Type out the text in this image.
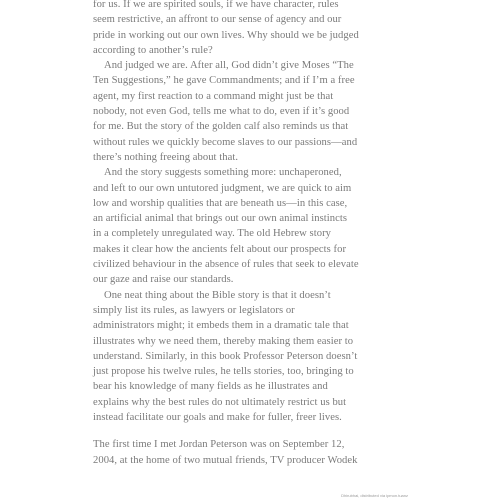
for us. If we are spirited souls, if we have character, rules
seem restrictive, an affront to our sense of agency and our
pride in working out our own lives. Why should we be judged
according to another’s rule?
And judged we are. After all, God didn’t give Moses “The
Ten Suggestions,” he gave Commandments; and if I’m a free
agent, my first reaction to a command might just be that
nobody, not even God, tells me what to do, even if it’s good
for me. But the story of the golden calf also reminds us that
without rules we quickly become slaves to our passions—and
there’s nothing freeing about that.
And the story suggests something more: unchaperoned,
and left to our own untutored judgment, we are quick to aim
low and worship qualities that are beneath us—in this case,
an artificial animal that brings out our own animal instincts
in a completely unregulated way. The old Hebrew story
makes it clear how the ancients felt about our prospects for
civilized behaviour in the absence of rules that seek to elevate
our gaze and raise our standards.
One neat thing about the Bible story is that it doesn’t
simply list its rules, as lawyers or legislators or
administrators might; it embeds them in a dramatic tale that
illustrates why we need them, thereby making them easier to
understand. Similarly, in this book Professor Peterson doesn’t
just propose his twelve rules, he tells stories, too, bringing to
bear his knowledge of many fields as he illustrates and
explains why the best rules do not ultimately restrict us but
instead facilitate our goals and make for fuller, freer lives.
The first time I met Jordan Peterson was on September 12,
2004, at the home of two mutual friends, TV producer Wodek
Dhirubhai, distributed via ipmon.tuanz
